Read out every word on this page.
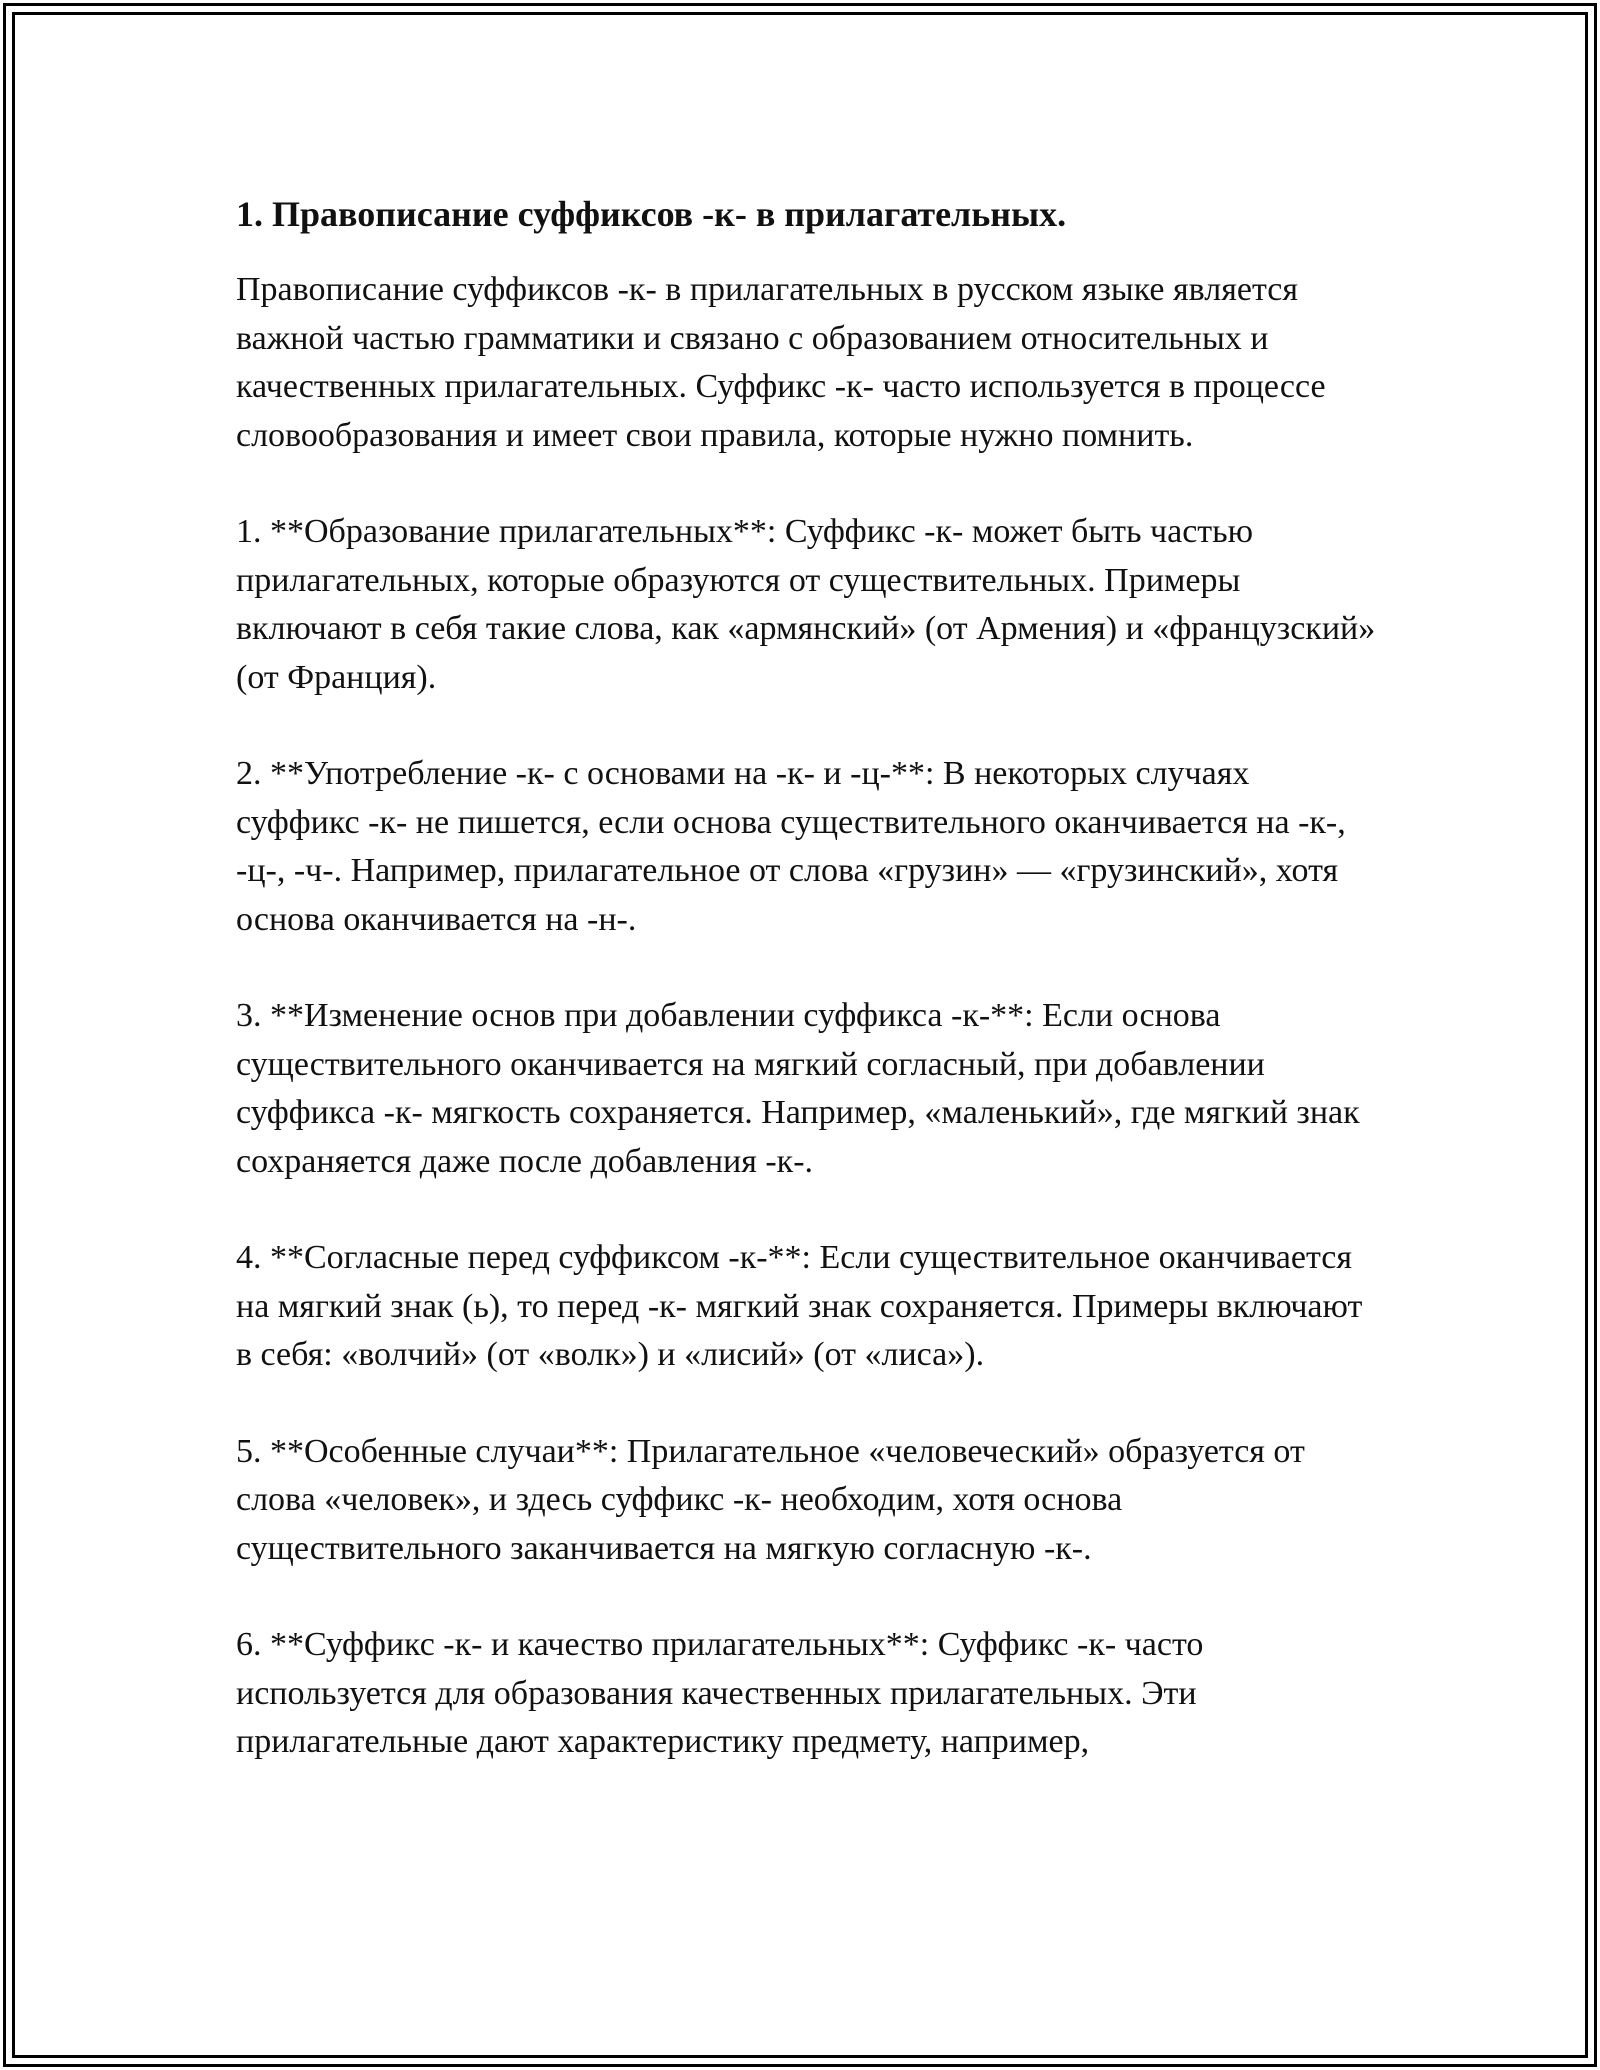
1. Правописание суффиксов -к- в прилагательных.

Правописание суффиксов -к- в прилагательных в русском языке является важной частью грамматики и связано с образованием относительных и качественных прилагательных. Суффикс -к- часто используется в процессе словообразования и имеет свои правила, которые нужно помнить.

1. **Образование прилагательных**: Суффикс -к- может быть частью прилагательных, которые образуются от существительных. Примеры включают в себя такие слова, как «армянский» (от Армения) и «французский» (от Франция).

2. **Употребление -к- с основами на -к- и -ц-**: В некоторых случаях суффикс -к- не пишется, если основа существительного оканчивается на -к-, -ц-, -ч-. Например, прилагательное от слова «грузин» — «грузинский», хотя основа оканчивается на -н-.

3. **Изменение основ при добавлении суффикса -к-**: Если основа существительного оканчивается на мягкий согласный, при добавлении суффикса -к- мягкость сохраняется. Например, «маленький», где мягкий знак сохраняется даже после добавления -к-.

4. **Согласные перед суффиксом -к-**: Если существительное оканчивается на мягкий знак (ь), то перед -к- мягкий знак сохраняется. Примеры включают в себя: «волчий» (от «волк») и «лисий» (от «лиса»).

5. **Особенные случаи**: Прилагательное «человеческий» образуется от слова «человек», и здесь суффикс -к- необходим, хотя основа существительного заканчивается на мягкую согласную -к-.

6. **Суффикс -к- и качество прилагательных**: Суффикс -к- часто используется для образования качественных прилагательных. Эти прилагательные дают характеристику предмету, например,
